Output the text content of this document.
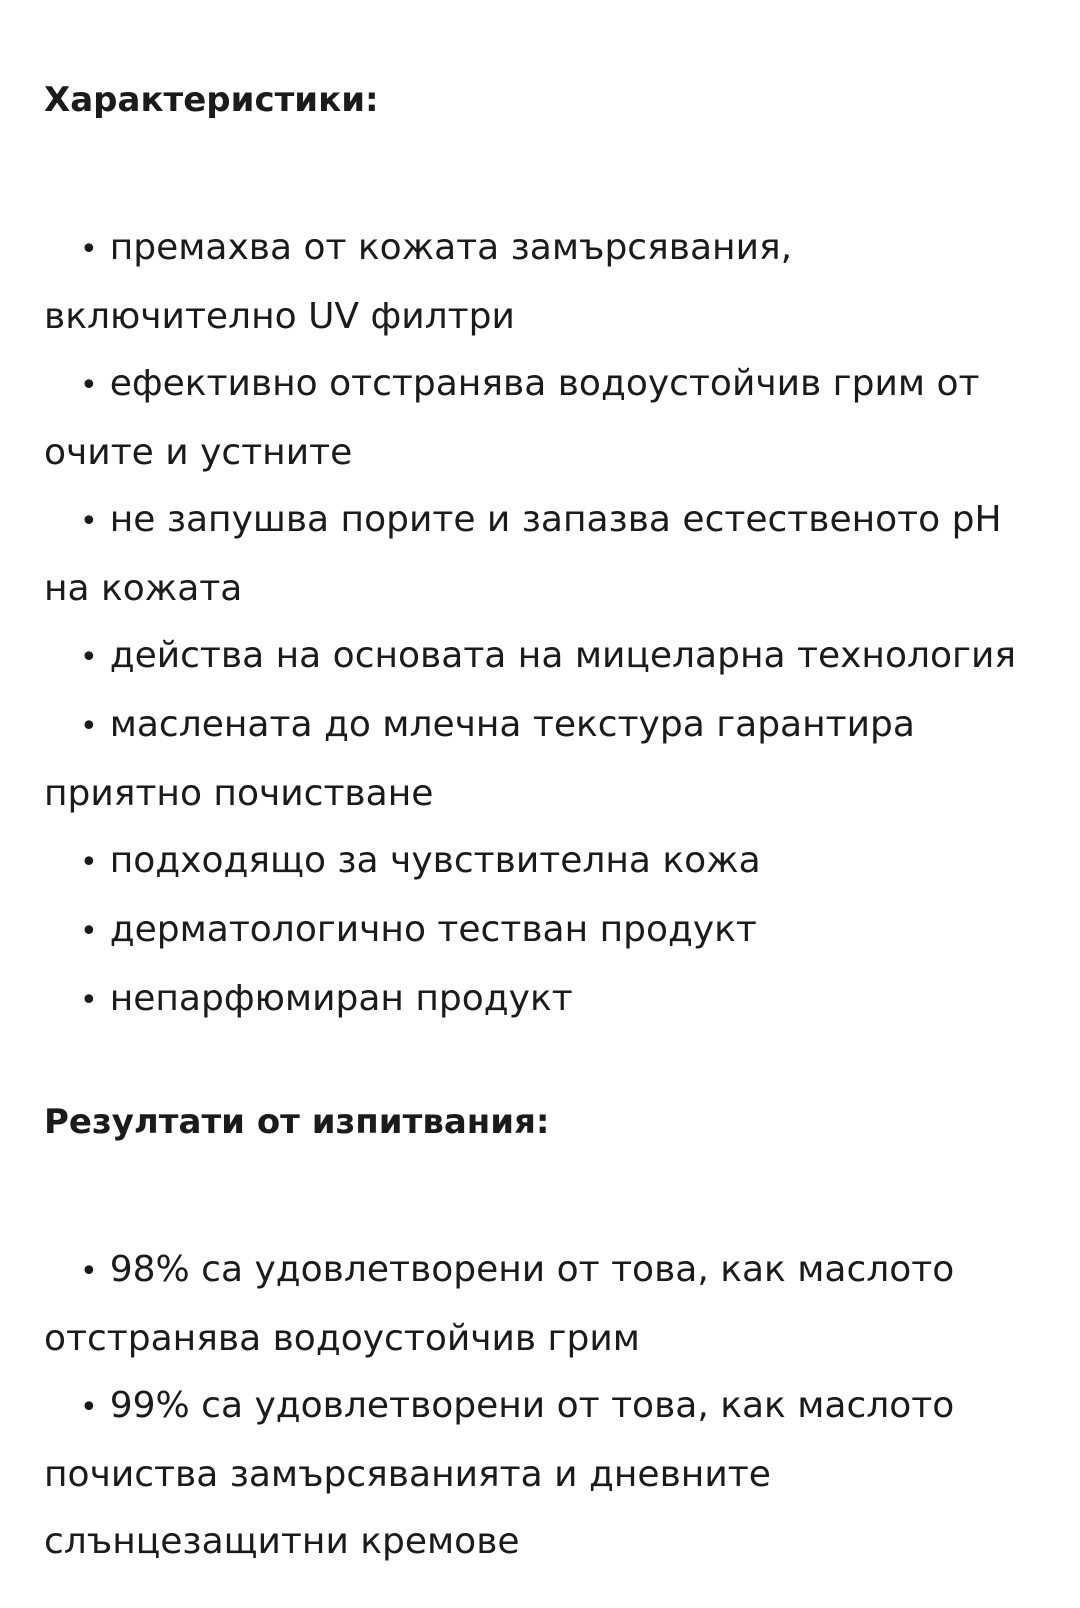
Характеристики:
• премахва от кожата замърсявания, включително UV филтри
• ефективно отстранява водоустойчив грим от очите и устните
• не запушва порите и запазва естественото pH на кожата
• действа на основата на мицеларна технология
• маслената до млечна текстура гарантира приятно почистване
• подходящо за чувствителна кожа
• дерматологично тестван продукт
• непарфюмиран продукт
Резултати от изпитвания:
• 98% са удовлетворени от това, как маслото отстранява водоустойчив грим
• 99% са удовлетворени от това, как маслото почиства замърсяванията и дневните слънцезащитни кремове
